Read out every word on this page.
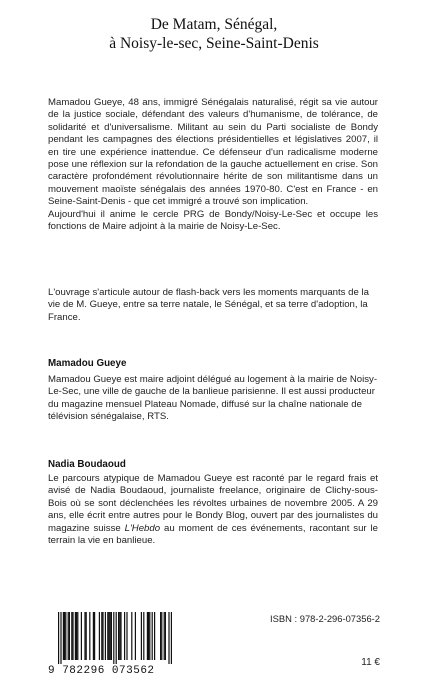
De Matam, Sénégal,
à Noisy-le-sec, Seine-Saint-Denis

Mamadou Gueye, 48 ans, immigré Sénégalais naturalisé, régit sa vie autour de la justice sociale, défendant des valeurs d'humanisme, de tolérance, de solidarité et d'universalisme. Militant au sein du Parti socialiste de Bondy pendant les campagnes des élections présidentielles et législatives 2007, il en tire une expérience inattendue. Ce défenseur d'un radicalisme moderne pose une réflexion sur la refondation de la gauche actuellement en crise. Son caractère profondément révolutionnaire hérite de son militantisme dans un mouvement maoïste sénégalais des années 1970-80. C'est en France - en Seine-Saint-Denis - que cet immigré a trouvé son implication.

Aujourd'hui il anime le cercle PRG de Bondy/Noisy-Le-Sec et occupe les fonctions de Maire adjoint à la mairie de Noisy-Le-Sec.

L'ouvrage s'articule autour de flash-back vers les moments marquants de la vie de M. Gueye, entre sa terre natale, le Sénégal, et sa terre d'adoption, la France.

Mamadou Gueye

Mamadou Gueye est maire adjoint délégué au logement à la mairie de Noisy-Le-Sec, une ville de gauche de la banlieue parisienne. Il est aussi producteur du magazine mensuel Plateau Nomade, diffusé sur la chaîne nationale de télévision sénégalaise, RTS.

Nadia Boudaoud

Le parcours atypique de Mamadou Gueye est raconté par le regard frais et avisé de Nadia Boudaoud, journaliste freelance, originaire de Clichy-sous-Bois où se sont déclenchées les révoltes urbaines de novembre 2005. A 29 ans, elle écrit entre autres pour le Bondy Blog, ouvert par des journalistes du magazine suisse L'Hebdo au moment de ces événements, racontant sur le terrain la vie en banlieue.

9 782296 073562
ISBN : 978-2-296-07356-2
11 €
